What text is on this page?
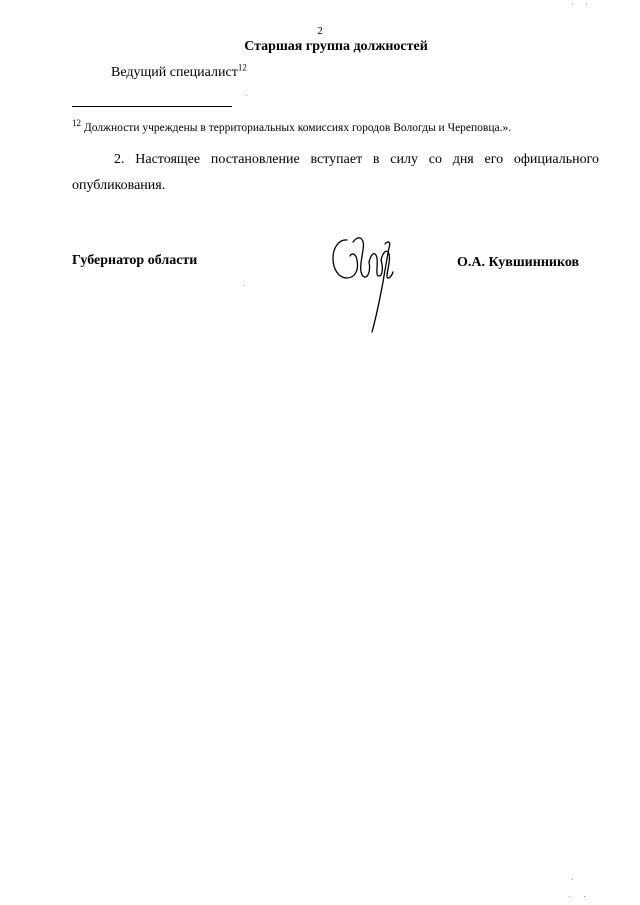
2
Старшая группа должностей
Ведущий специалист$^{12}$
$^{12}$ Должности учреждены в территориальных комиссиях городов Вологды и Череповца.».

2. Настоящее постановление вступает в силу со дня его официального опубликования.

Губернатор области	О.А. Кувшинников
